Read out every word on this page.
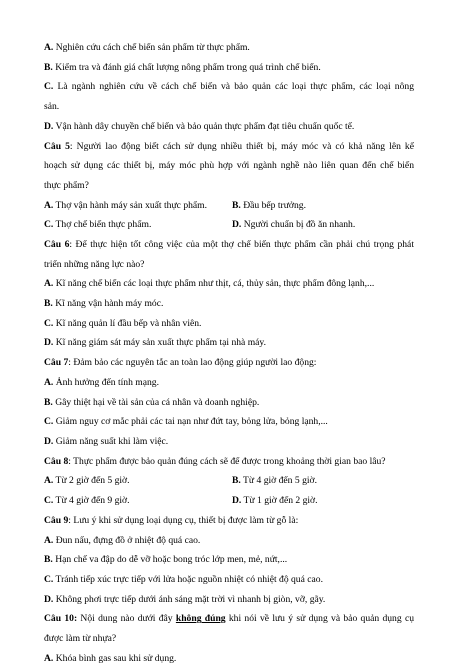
A. Nghiên cứu cách chế biến sản phẩm từ thực phẩm.
B. Kiểm tra và đánh giá chất lượng nông phẩm trong quá trình chế biến.
C. Là ngành nghiên cứu về cách chế biến và bảo quản các loại thực phẩm, các loại nông
sản.
D. Vận hành dây chuyền chế biến và bảo quản thực phẩm đạt tiêu chuẩn quốc tế.
Câu 5: Người lao động biết cách sử dụng nhiều thiết bị, máy móc và có khả năng lên kế
hoạch sử dụng các thiết bị, máy móc phù hợp với ngành nghề nào liên quan đến chế biến
thực phẩm?
A. Thợ vận hành máy sản xuất thực phẩm.	B. Đầu bếp trưởng.
C. Thợ chế biến thực phẩm.	D. Người chuẩn bị đồ ăn nhanh.
Câu 6: Để thực hiện tốt công việc của một thợ chế biến thực phẩm cần phải chú trọng phát
triển những năng lực nào?
A. Kĩ năng chế biến các loại thực phẩm như thịt, cá, thủy sản, thực phẩm đông lạnh,...
B. Kĩ năng vận hành máy móc.
C. Kĩ năng quản lí đầu bếp và nhân viên.
D. Kĩ năng giám sát máy sản xuất thực phẩm tại nhà máy.
Câu 7: Đảm bảo các nguyên tắc an toàn lao động giúp người lao động:
A. Ảnh hưởng đến tính mạng.
B. Gây thiệt hại về tài sản của cá nhân và doanh nghiệp.
C. Giảm nguy cơ mắc phải các tai nạn như đứt tay, bỏng lửa, bỏng lạnh,...
D. Giảm năng suất khi làm việc.
Câu 8: Thực phẩm được bảo quản đúng cách sẽ để được trong khoảng thời gian bao lâu?
A. Từ 2 giờ đến 5 giờ.	B. Từ 4 giờ đến 5 giờ.
C. Từ 4 giờ đến 9 giờ.	D. Từ 1 giờ đến 2 giờ.
Câu 9: Lưu ý khi sử dụng loại dụng cụ, thiết bị được làm từ gỗ là:
A. Đun nấu, đựng đồ ở nhiệt độ quá cao.
B. Hạn chế va đập do dễ vỡ hoặc bong tróc lớp men, mẻ, nứt,...
C. Tránh tiếp xúc trực tiếp với lửa hoặc nguồn nhiệt có nhiệt độ quá cao.
D. Không phơi trực tiếp dưới ánh sáng mặt trời vì nhanh bị giòn, vỡ, gãy.
Câu 10: Nội dung nào dưới đây không đúng khi nói về lưu ý sử dụng và bảo quản dụng cụ
được làm từ nhựa?
A. Khóa bình gas sau khi sử dụng.
